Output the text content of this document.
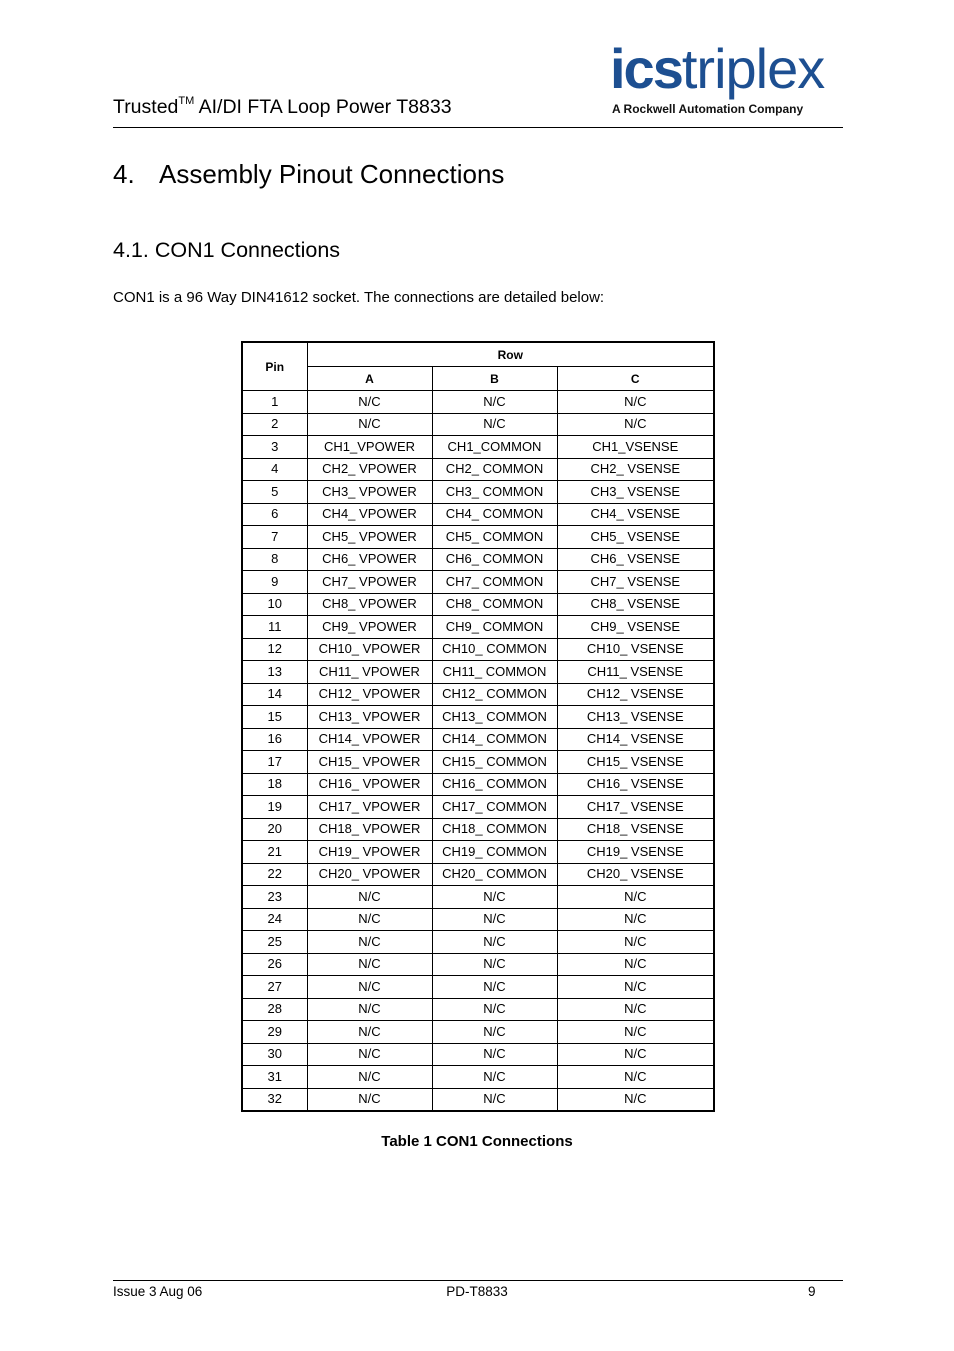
Trusted™ AI/DI FTA Loop Power T8833
icstriplex
A Rockwell Automation Company
4. Assembly Pinout Connections
4.1. CON1 Connections
CON1 is a 96 Way DIN41612 socket. The connections are detailed below:
Pin	Row		
	A	B	C
1	N/C	N/C	N/C
2	N/C	N/C	N/C
3	CH1_VPOWER	CH1_COMMON	CH1_VSENSE
4	CH2_ VPOWER	CH2_ COMMON	CH2_ VSENSE
5	CH3_ VPOWER	CH3_ COMMON	CH3_ VSENSE
6	CH4_ VPOWER	CH4_ COMMON	CH4_ VSENSE
7	CH5_ VPOWER	CH5_ COMMON	CH5_ VSENSE
8	CH6_ VPOWER	CH6_ COMMON	CH6_ VSENSE
9	CH7_ VPOWER	CH7_ COMMON	CH7_ VSENSE
10	CH8_ VPOWER	CH8_ COMMON	CH8_ VSENSE
11	CH9_ VPOWER	CH9_ COMMON	CH9_ VSENSE
12	CH10_ VPOWER	CH10_ COMMON	CH10_ VSENSE
13	CH11_ VPOWER	CH11_ COMMON	CH11_ VSENSE
14	CH12_ VPOWER	CH12_ COMMON	CH12_ VSENSE
15	CH13_ VPOWER	CH13_ COMMON	CH13_ VSENSE
16	CH14_ VPOWER	CH14_ COMMON	CH14_ VSENSE
17	CH15_ VPOWER	CH15_ COMMON	CH15_ VSENSE
18	CH16_ VPOWER	CH16_ COMMON	CH16_ VSENSE
19	CH17_ VPOWER	CH17_ COMMON	CH17_ VSENSE
20	CH18_ VPOWER	CH18_ COMMON	CH18_ VSENSE
21	CH19_ VPOWER	CH19_ COMMON	CH19_ VSENSE
22	CH20_ VPOWER	CH20_ COMMON	CH20_ VSENSE
23	N/C	N/C	N/C
24	N/C	N/C	N/C
25	N/C	N/C	N/C
26	N/C	N/C	N/C
27	N/C	N/C	N/C
28	N/C	N/C	N/C
29	N/C	N/C	N/C
30	N/C	N/C	N/C
31	N/C	N/C	N/C
32	N/C	N/C	N/C
Table 1 CON1 Connections
Issue 3 Aug 06	PD-T8833	9
